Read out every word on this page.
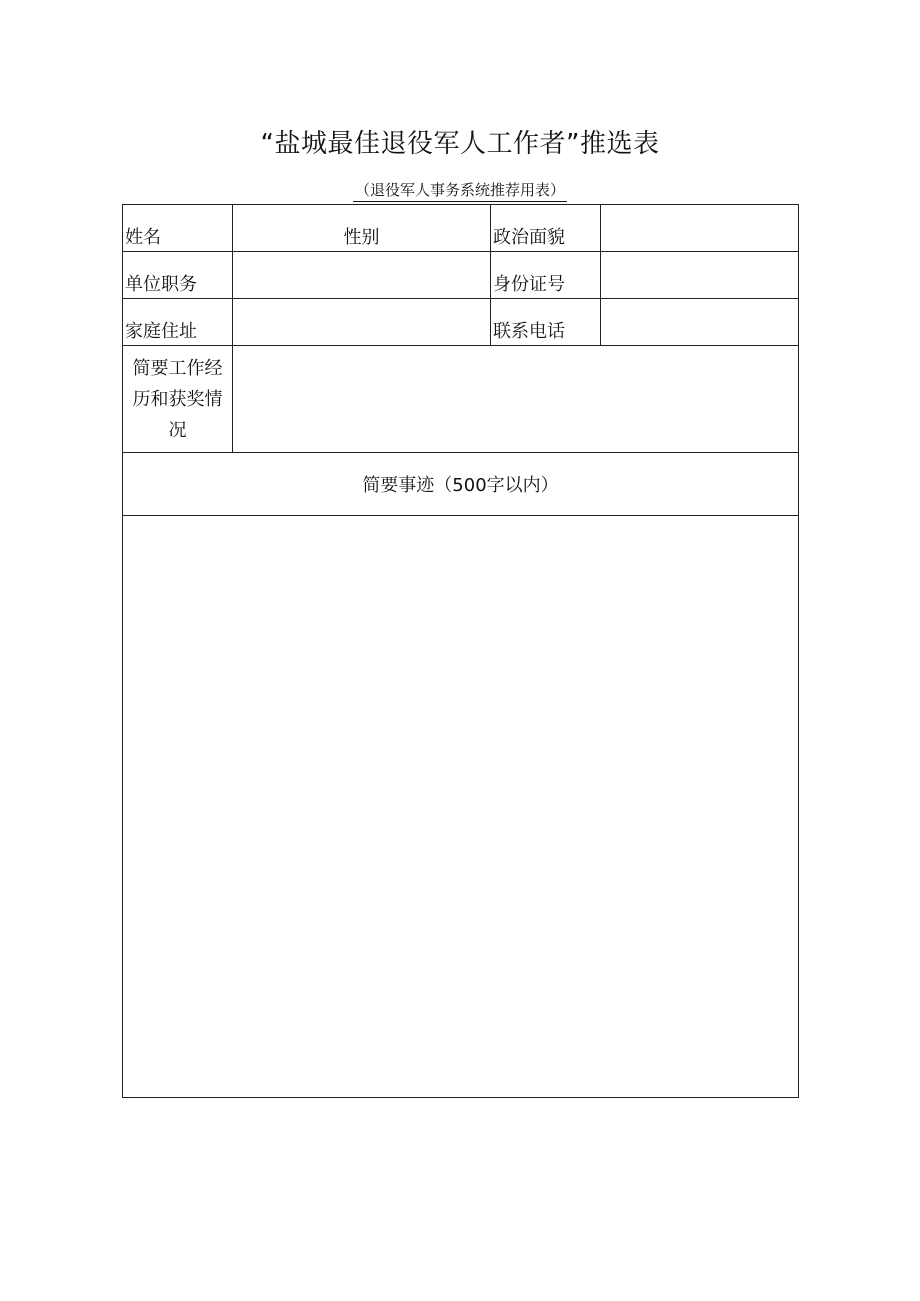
“盐城最佳退役军人工作者”推选表
（退役军人事务系统推荐用表）
姓名	性别	政治面貌	

单位职务		身份证号	

家庭住址		联系电话	

简要工作经历和获奖情况			
简要事迹（500字以内）			
